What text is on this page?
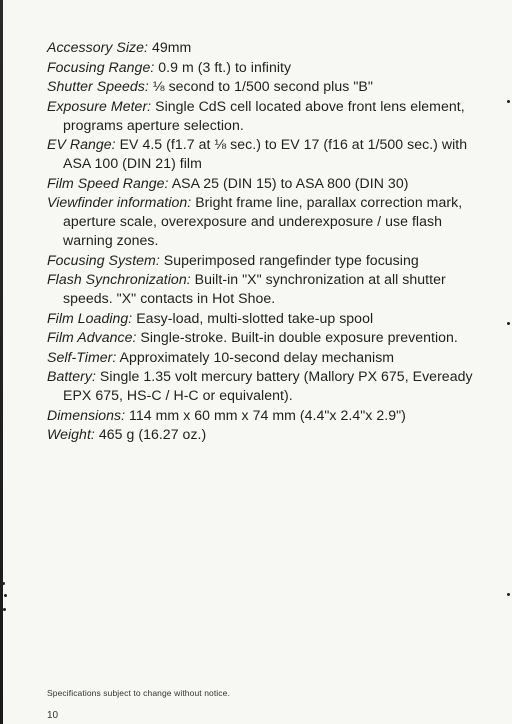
Accessory Size: 49mm
Focusing Range: 0.9 m (3 ft.) to infinity
Shutter Speeds: ⅛ second to 1/500 second plus "B"
Exposure Meter: Single CdS cell located above front lens element, programs aperture selection.
EV Range: EV 4.5 (f1.7 at ⅛ sec.) to EV 17 (f16 at 1/500 sec.) with ASA 100 (DIN 21) film
Film Speed Range: ASA 25 (DIN 15) to ASA 800 (DIN 30)
Viewfinder information: Bright frame line, parallax correction mark, aperture scale, overexposure and underexposure / use flash warning zones.
Focusing System: Superimposed rangefinder type focusing
Flash Synchronization: Built-in "X" synchronization at all shutter speeds. "X" contacts in Hot Shoe.
Film Loading: Easy-load, multi-slotted take-up spool
Film Advance: Single-stroke. Built-in double exposure prevention.
Self-Timer: Approximately 10-second delay mechanism
Battery: Single 1.35 volt mercury battery (Mallory PX 675, Eveready EPX 675, HS-C / H-C or equivalent).
Dimensions: 114 mm x 60 mm x 74 mm (4.4"x 2.4"x 2.9")
Weight: 465 g (16.27 oz.)
Specifications subject to change without notice.
10
